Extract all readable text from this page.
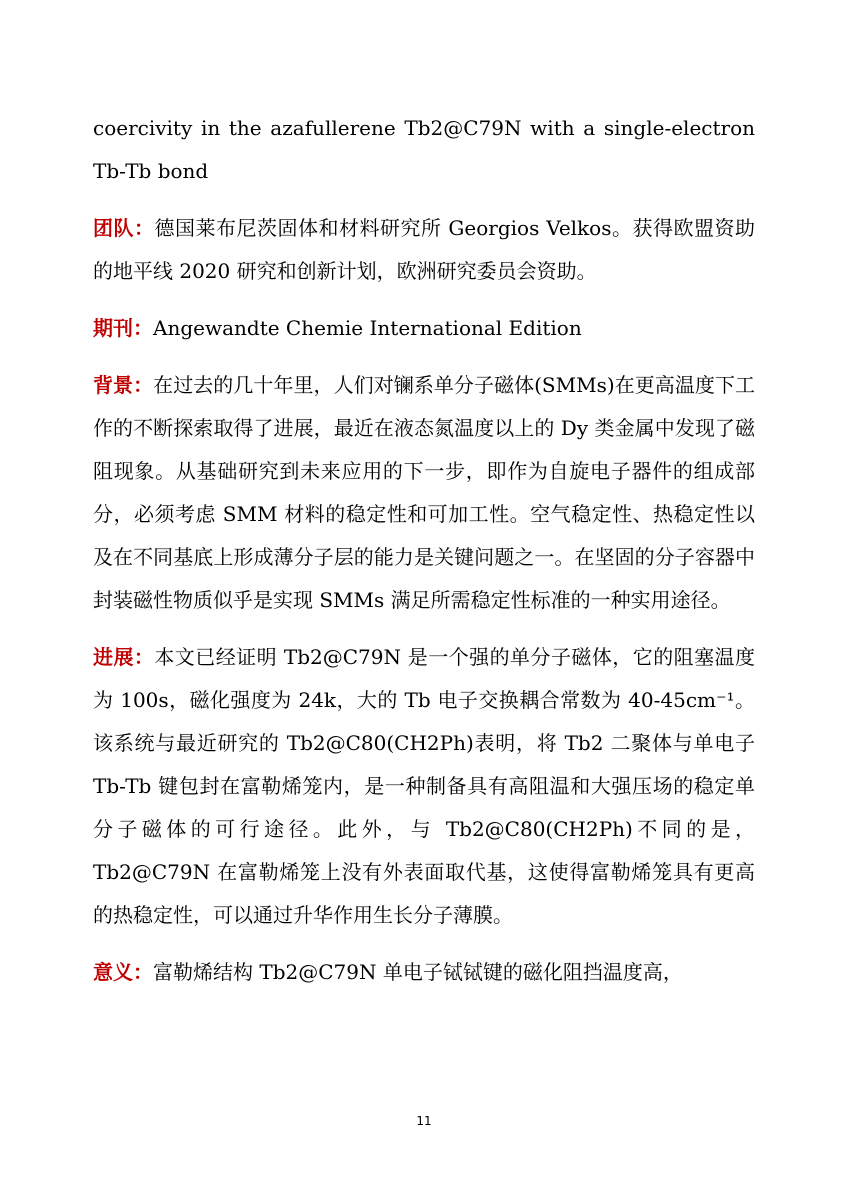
coercivity in the azafullerene Tb2@C79N with a single-electron Tb-Tb bond

团队：德国莱布尼茨固体和材料研究所 Georgios Velkos。获得欧盟资助的地平线 2020 研究和创新计划，欧洲研究委员会资助。

期刊：Angewandte Chemie International Edition

背景：在过去的几十年里，人们对镧系单分子磁体(SMMs)在更高温度下工作的不断探索取得了进展，最近在液态氮温度以上的 Dy 类金属中发现了磁阻现象。从基础研究到未来应用的下一步，即作为自旋电子器件的组成部分，必须考虑 SMM 材料的稳定性和可加工性。空气稳定性、热稳定性以及在不同基底上形成薄分子层的能力是关键问题之一。在坚固的分子容器中封装磁性物质似乎是实现 SMMs 满足所需稳定性标准的一种实用途径。

进展：本文已经证明 Tb2@C79N 是一个强的单分子磁体，它的阻塞温度为 100s，磁化强度为 24k，大的 Tb 电子交换耦合常数为 40-45cm⁻¹。该系统与最近研究的 Tb2@C80(CH2Ph)表明，将 Tb2 二聚体与单电子 Tb-Tb 键包封在富勒烯笼内，是一种制备具有高阻温和大强压场的稳定单分子磁体的可行途径。此外，与 Tb2@C80(CH2Ph)不同的是，Tb2@C79N 在富勒烯笼上没有外表面取代基，这使得富勒烯笼具有更高的热稳定性，可以通过升华作用生长分子薄膜。

意义：富勒烯结构 Tb2@C79N 单电子铽铽键的磁化阻挡温度高，

11
